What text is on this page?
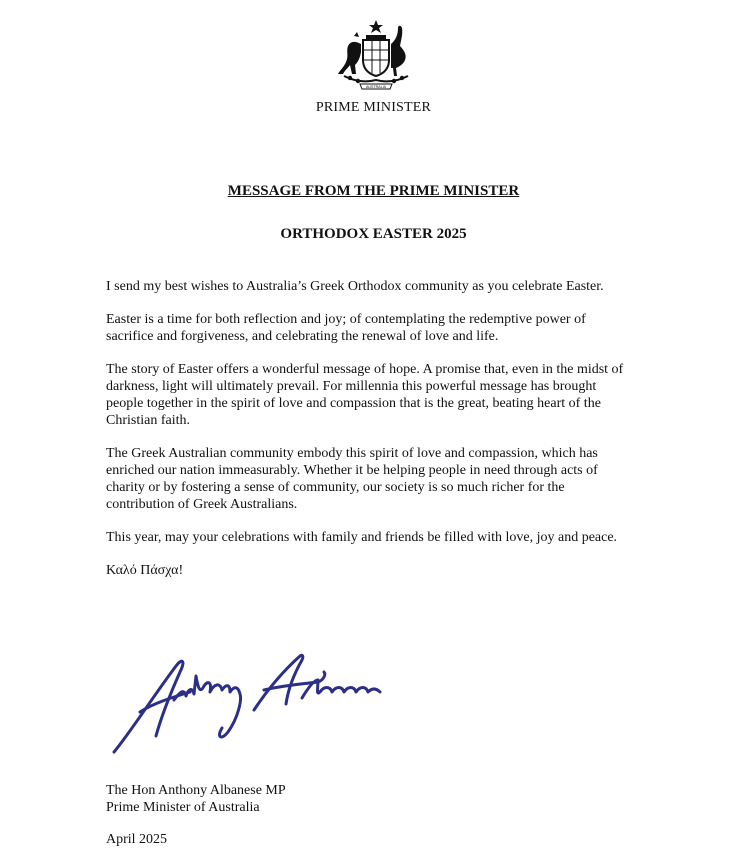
AUSTRALIA
PRIME MINISTER
MESSAGE FROM THE PRIME MINISTER
ORTHODOX EASTER 2025

I send my best wishes to Australia’s Greek Orthodox community as you celebrate Easter.

Easter is a time for both reflection and joy; of contemplating the redemptive power of sacrifice and forgiveness, and celebrating the renewal of love and life.

The story of Easter offers a wonderful message of hope. A promise that, even in the midst of darkness, light will ultimately prevail. For millennia this powerful message has brought people together in the spirit of love and compassion that is the great, beating heart of the Christian faith.

The Greek Australian community embody this spirit of love and compassion, which has enriched our nation immeasurably. Whether it be helping people in need through acts of charity or by fostering a sense of community, our society is so much richer for the contribution of Greek Australians.

This year, may your celebrations with family and friends be filled with love, joy and peace.

Καλό Πάσχα!

The Hon Anthony Albanese MP
Prime Minister of Australia
April 2025
